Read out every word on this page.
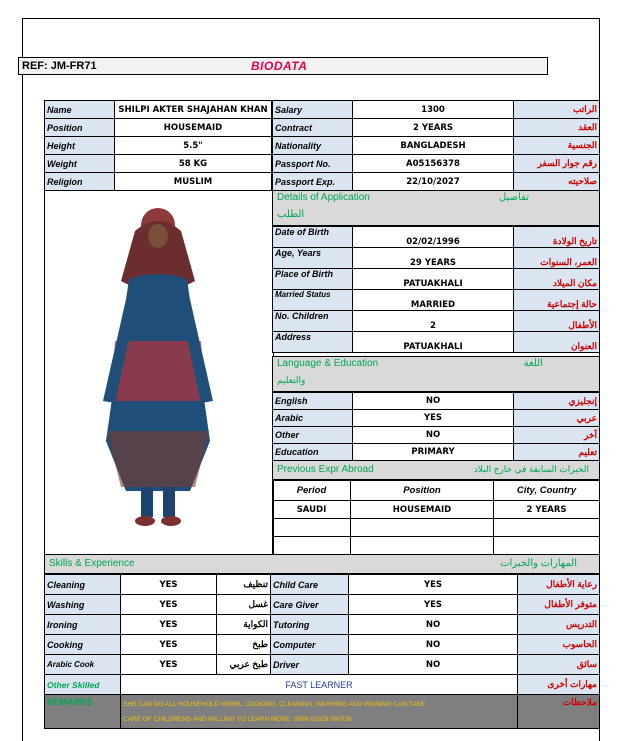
REF: JM-FR71	BIODATA
Name	SHILPI AKTER SHAJAHAN KHAN
Position	HOUSEMAID
Height	5.5"
Weight	58 KG
Religion	MUSLIM
Salary	1300	الراتب
Contract	2 YEARS	العقد
Nationality	BANGLADESH	الجنسية
Passport No.	A05156378	رقم جوار السفر
Passport Exp.	22/10/2027	صلاحيته
Details of Application	تفاصيل
الطلب
Date of Birth	02/02/1996	تاريخ الولادة
Age, Years	29 YEARS	العمر، السنوات
Place of Birth	PATUAKHALI	مكان الميلاد
Married Status	MARRIED	حالة إجتماعية
No. Children	2	الأطفال
Address	PATUAKHALI	العنوان
Language & Education	اللغة
والتعليم
English	NO	إنجليزي
Arabic	YES	عربي
Other	NO	آخر
Education	PRIMARY	تعليم
Previous Expr Abroad	الخبرات السابقة في خارج البلاد
Period	Position	City, Country
SAUDI	HOUSEMAID	2 YEARS

Skills & Experience	المهارات والخبرات
Cleaning	YES	تنظيف	Child Care	YES	رعاية الأطفال
Washing	YES	غسل	Care Giver	YES	متوفر الأطفال
Ironing	YES	الكواية	Tutoring	NO	التدريس
Cooking	YES	طبخ	Computer	NO	الحاسوب
Arabic Cook	YES	طبخ عربي	Driver	NO	سائق
Other Skilled	FAST LEARNER	مهارات أخرى
REMARKS	SHE CAN DO ALL HOUSEHOLD WORK, COOKING, CLEANING, WASHING AND IRONING CAN TAKE
CARE OF CHILDRENS AND WILLING TO LEARN MORE. 0088 01629 560726	ملاحظات
